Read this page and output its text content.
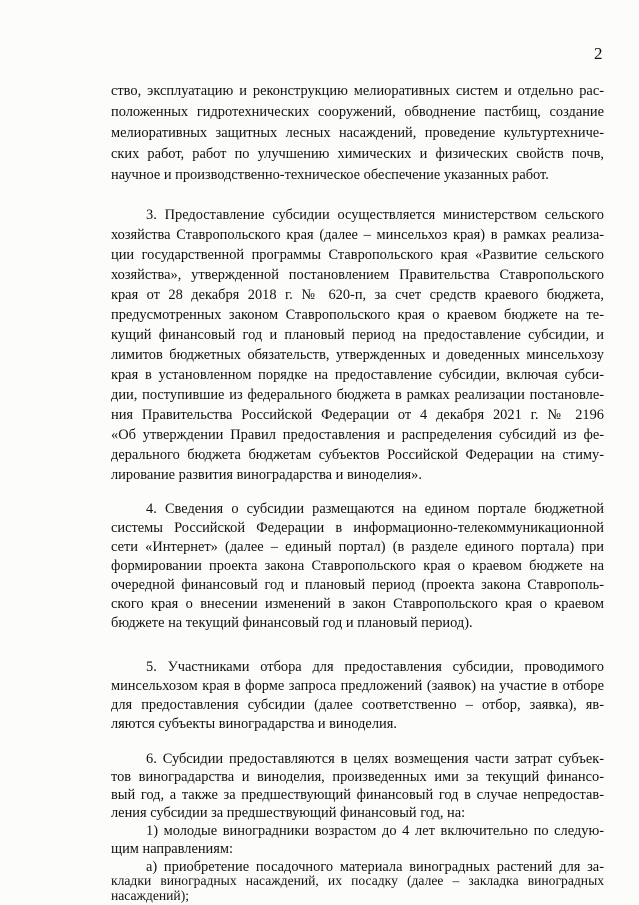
2
ство, эксплуатацию и реконструкцию мелиоративных систем и отдельно рас-
положенных гидротехнических сооружений, обводнение пастбищ, создание
мелиоративных защитных лесных насаждений, проведение культуртехниче-
ских работ, работ по улучшению химических и физических свойств почв,
научное и производственно-техническое обеспечение указанных работ.
3. Предоставление субсидии осуществляется министерством сельского
хозяйства Ставропольского края (далее – минсельхоз края) в рамках реализа-
ции государственной программы Ставропольского края «Развитие сельского
хозяйства», утвержденной постановлением Правительства Ставропольского
края от 28 декабря 2018 г. № 620-п, за счет средств краевого бюджета,
предусмотренных законом Ставропольского края о краевом бюджете на те-
кущий финансовый год и плановый период на предоставление субсидии, и
лимитов бюджетных обязательств, утвержденных и доведенных минсельхозу
края в установленном порядке на предоставление субсидии, включая субси-
дии, поступившие из федерального бюджета в рамках реализации постановле-
ния Правительства Российской Федерации от 4 декабря 2021 г. № 2196
«Об утверждении Правил предоставления и распределения субсидий из фе-
дерального бюджета бюджетам субъектов Российской Федерации на стиму-
лирование развития виноградарства и виноделия».
4. Сведения о субсидии размещаются на едином портале бюджетной
системы Российской Федерации в информационно-телекоммуникационной
сети «Интернет» (далее – единый портал) (в разделе единого портала) при
формировании проекта закона Ставропольского края о краевом бюджете на
очередной финансовый год и плановый период (проекта закона Ставрополь-
ского края о внесении изменений в закон Ставропольского края о краевом
бюджете на текущий финансовый год и плановый период).
5. Участниками отбора для предоставления субсидии, проводимого
минсельхозом края в форме запроса предложений (заявок) на участие в отборе
для предоставления субсидии (далее соответственно – отбор, заявка), яв-
ляются субъекты виноградарства и виноделия.
6. Субсидии предоставляются в целях возмещения части затрат субъек-
тов виноградарства и виноделия, произведенных ими за текущий финансо-
вый год, а также за предшествующий финансовый год в случае непредостав-
ления субсидии за предшествующий финансовый год, на:
1) молодые виноградники возрастом до 4 лет включительно по следую-
щим направлениям:
а) приобретение посадочного материала виноградных растений для за-
кладки виноградных насаждений, их посадку (далее – закладка виноградных
насаждений);
